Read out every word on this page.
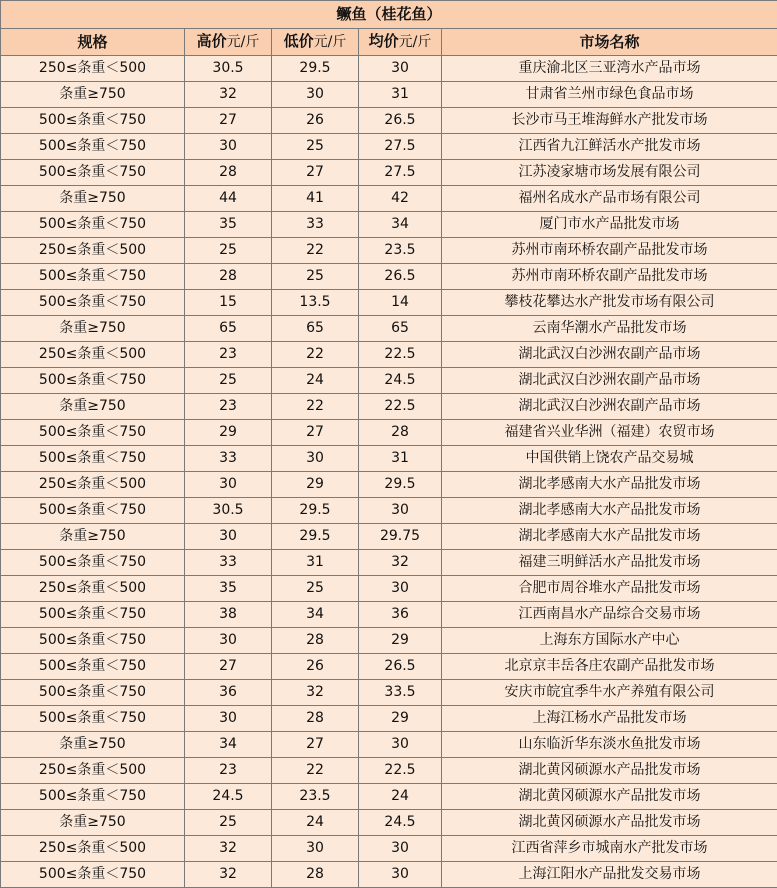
鳜鱼（桂花鱼）				
规格	高价元/斤	低价元/斤	均价元/斤	市场名称
250≤条重＜500	30.5	29.5	30	重庆渝北区三亚湾水产品市场
条重≥750	32	30	31	甘肃省兰州市绿色食品市场
500≤条重＜750	27	26	26.5	长沙市马王堆海鲜水产批发市场
500≤条重＜750	30	25	27.5	江西省九江鲜活水产批发市场
500≤条重＜750	28	27	27.5	江苏凌家塘市场发展有限公司
条重≥750	44	41	42	福州名成水产品市场有限公司
500≤条重＜750	35	33	34	厦门市水产品批发市场
250≤条重＜500	25	22	23.5	苏州市南环桥农副产品批发市场
500≤条重＜750	28	25	26.5	苏州市南环桥农副产品批发市场
500≤条重＜750	15	13.5	14	攀枝花攀达水产批发市场有限公司
条重≥750	65	65	65	云南华潮水产品批发市场
250≤条重＜500	23	22	22.5	湖北武汉白沙洲农副产品市场
500≤条重＜750	25	24	24.5	湖北武汉白沙洲农副产品市场
条重≥750	23	22	22.5	湖北武汉白沙洲农副产品市场
500≤条重＜750	29	27	28	福建省兴业华洲（福建）农贸市场
500≤条重＜750	33	30	31	中国供销上饶农产品交易城
250≤条重＜500	30	29	29.5	湖北孝感南大水产品批发市场
500≤条重＜750	30.5	29.5	30	湖北孝感南大水产品批发市场
条重≥750	30	29.5	29.75	湖北孝感南大水产品批发市场
500≤条重＜750	33	31	32	福建三明鲜活水产品批发市场
250≤条重＜500	35	25	30	合肥市周谷堆水产品批发市场
500≤条重＜750	38	34	36	江西南昌水产品综合交易市场
500≤条重＜750	30	28	29	上海东方国际水产中心
500≤条重＜750	27	26	26.5	北京京丰岳各庄农副产品批发市场
500≤条重＜750	36	32	33.5	安庆市皖宜季牛水产养殖有限公司
500≤条重＜750	30	28	29	上海江杨水产品批发市场
条重≥750	34	27	30	山东临沂华东淡水鱼批发市场
250≤条重＜500	23	22	22.5	湖北黄冈硕源水产品批发市场
500≤条重＜750	24.5	23.5	24	湖北黄冈硕源水产品批发市场
条重≥750	25	24	24.5	湖北黄冈硕源水产品批发市场
250≤条重＜500	32	30	30	江西省萍乡市城南水产批发市场
500≤条重＜750	32	28	30	上海江阳水产品批发交易市场
